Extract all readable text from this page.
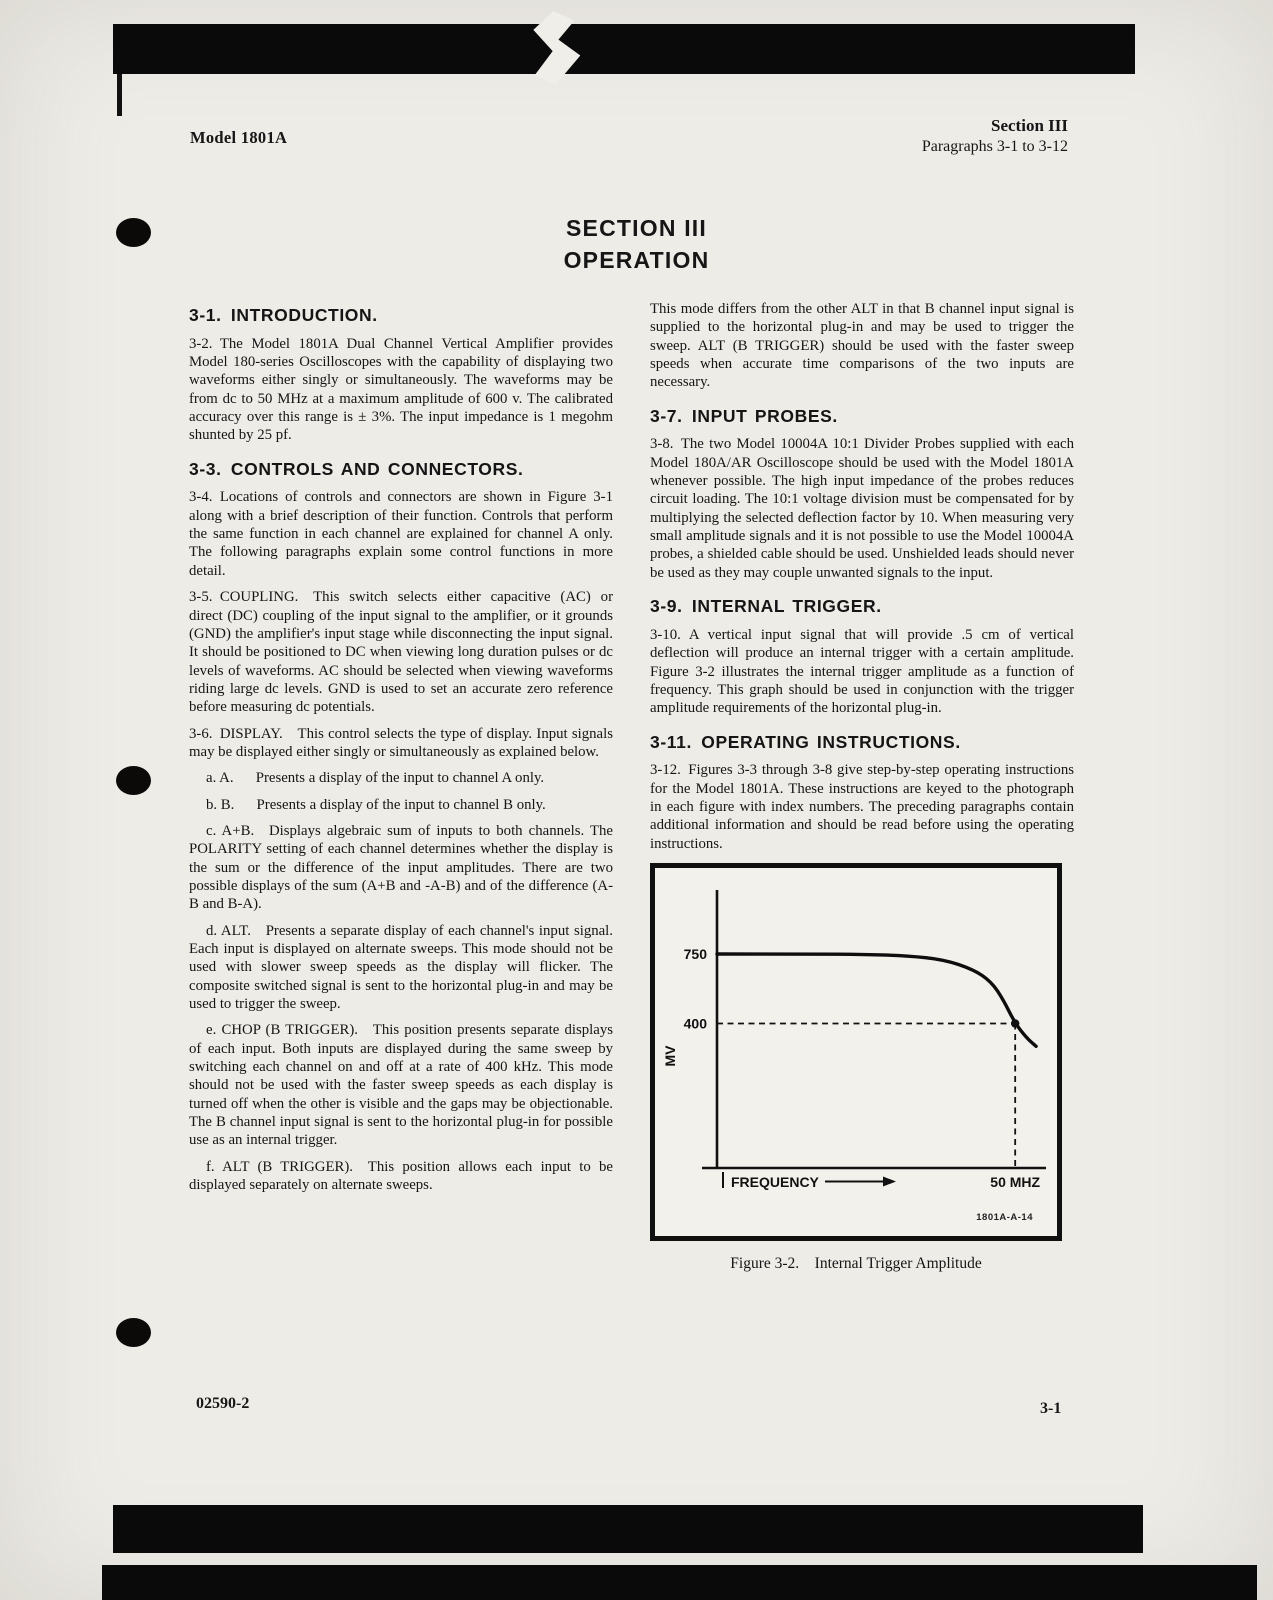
Model 1801A
Section III
Paragraphs 3-1 to 3-12
SECTION III
OPERATION
3-1. INTRODUCTION.

3-2. The Model 1801A Dual Channel Vertical Amplifier provides Model 180-series Oscilloscopes with the capability of displaying two waveforms either singly or simultaneously. The waveforms may be from dc to 50 MHz at a maximum amplitude of 600 v. The calibrated accuracy over this range is ± 3%. The input impedance is 1 megohm shunted by 25 pf.

3-3. CONTROLS AND CONNECTORS.

3-4. Locations of controls and connectors are shown in Figure 3-1 along with a brief description of their function. Controls that perform the same function in each channel are explained for channel A only. The following paragraphs explain some control functions in more detail.

3-5. COUPLING. This switch selects either capacitive (AC) or direct (DC) coupling of the input signal to the amplifier, or it grounds (GND) the amplifier's input stage while disconnecting the input signal. It should be positioned to DC when viewing long duration pulses or dc levels of waveforms. AC should be selected when viewing waveforms riding large dc levels. GND is used to set an accurate zero reference before measuring dc potentials.

3-6. DISPLAY. This control selects the type of display. Input signals may be displayed either singly or simultaneously as explained below.

a. A.  Presents a display of the input to channel A only.

b. B.  Presents a display of the input to channel B only.

c. A+B. Displays algebraic sum of inputs to both channels. The POLARITY setting of each channel determines whether the display is the sum or the difference of the input amplitudes. There are two possible displays of the sum (A+B and -A-B) and of the difference (A-B and B-A).

d. ALT. Presents a separate display of each channel's input signal. Each input is displayed on alternate sweeps. This mode should not be used with slower sweep speeds as the display will flicker. The composite switched signal is sent to the horizontal plug-in and may be used to trigger the sweep.

e. CHOP (B TRIGGER). This position presents separate displays of each input. Both inputs are displayed during the same sweep by switching each channel on and off at a rate of 400 kHz. This mode should not be used with the faster sweep speeds as each display is turned off when the other is visible and the gaps may be objectionable. The B channel input signal is sent to the horizontal plug-in for possible use as an internal trigger.

f. ALT (B TRIGGER). This position allows each input to be displayed separately on alternate sweeps.

This mode differs from the other ALT in that B channel input signal is supplied to the horizontal plug-in and may be used to trigger the sweep. ALT (B TRIGGER) should be used with the faster sweep speeds when accurate time comparisons of the two inputs are necessary.

3-7. INPUT PROBES.

3-8. The two Model 10004A 10:1 Divider Probes supplied with each Model 180A/AR Oscilloscope should be used with the Model 1801A whenever possible. The high input impedance of the probes reduces circuit loading. The 10:1 voltage division must be compensated for by multiplying the selected deflection factor by 10. When measuring very small amplitude signals and it is not possible to use the Model 10004A probes, a shielded cable should be used. Unshielded leads should never be used as they may couple unwanted signals to the input.

3-9. INTERNAL TRIGGER.

3-10. A vertical input signal that will provide .5 cm of vertical deflection will produce an internal trigger with a certain amplitude. Figure 3-2 illustrates the internal trigger amplitude as a function of frequency. This graph should be used in conjunction with the trigger amplitude requirements of the horizontal plug-in.

3-11. OPERATING INSTRUCTIONS.

3-12. Figures 3-3 through 3-8 give step-by-step operating instructions for the Model 1801A. These instructions are keyed to the photograph in each figure with index numbers. The preceding paragraphs contain additional information and should be read before using the operating instructions.

750
400
MV
FREQUENCY	50 MHZ
1801A-A-14
Figure 3-2. Internal Trigger Amplitude
02590-2	3-1
